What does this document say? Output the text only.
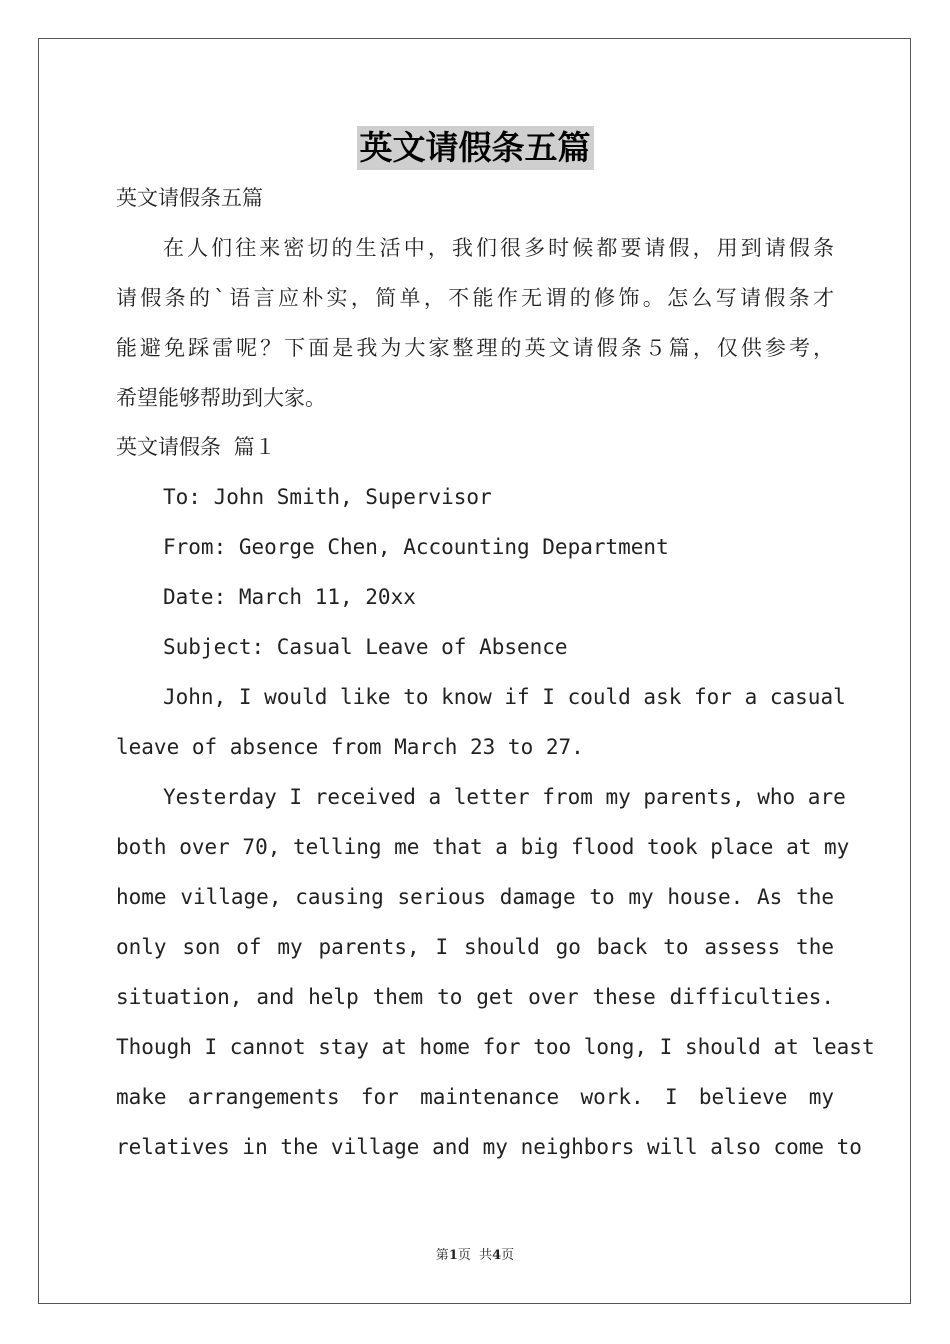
英文请假条五篇
英文请假条五篇
在人们往来密切的生活中，我们很多时候都要请假，用到请假条
请假条的`语言应朴实，简单，不能作无谓的修饰。怎么写请假条才
能避免踩雷呢？下面是我为大家整理的英文请假条５篇，仅供参考，
希望能够帮助到大家。
英文请假条 篇１
To: John Smith, Supervisor
From: George Chen, Accounting Department
Date: March 11, 20xx
Subject: Casual Leave of Absence
John, I would like to know if I could ask for a casual
leave of absence from March 23 to 27.
Yesterday I received a letter from my parents, who are
both over 70, telling me that a big flood took place at my
home village, causing serious damage to my house. As the
only son of my parents, I should go back to assess the
situation, and help them to get over these difficulties.
Though I cannot stay at home for too long, I should at least
make arrangements for maintenance work. I believe my
relatives in the village and my neighbors will also come to
第1页  共4页
